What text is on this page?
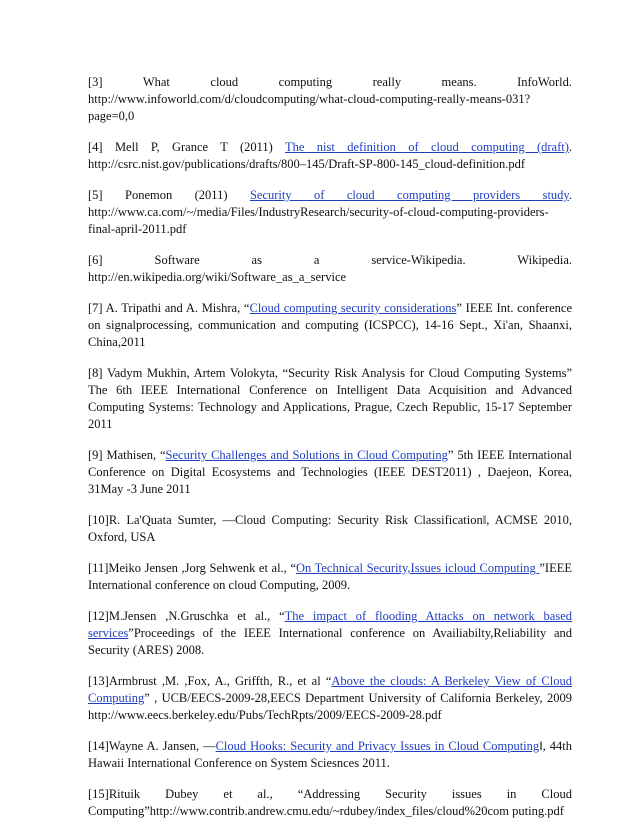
[3] What cloud computing really means. InfoWorld. http://www.infoworld.com/d/cloudcomputing/what-cloud-computing-really-means-031?page=0,0

[4] Mell P, Grance T (2011) The nist definition of cloud computing (draft). http://csrc.nist.gov/publications/drafts/800–145/Draft-SP-800-145_cloud-definition.pdf

[5] Ponemon (2011) Security of cloud computing providers study. http://www.ca.com/~/media/Files/IndustryResearch/security-of-cloud-computing-providers-final-april-2011.pdf

[6] Software as a service-Wikipedia. Wikipedia. http://en.wikipedia.org/wiki/Software_as_a_service

[7] A. Tripathi and A. Mishra, “Cloud computing security considerations” IEEE Int. conference on signalprocessing, communication and computing (ICSPCC), 14-16 Sept., Xi'an, Shaanxi, China,2011

[8] Vadym Mukhin, Artem Volokyta, “Security Risk Analysis for Cloud Computing Systems” The 6th IEEE International Conference on Intelligent Data Acquisition and Advanced Computing Systems: Technology and Applications, Prague, Czech Republic, 15-17 September 2011

[9] Mathisen, “Security Challenges and Solutions in Cloud Computing” 5th IEEE International Conference on Digital Ecosystems and Technologies (IEEE DEST2011) , Daejeon, Korea, 31May -3 June 2011

[10]R. La'Quata Sumter, ―Cloud Computing: Security Risk Classification‖, ACMSE 2010, Oxford, USA

[11]Meiko Jensen ,Jorg Sehwenk et al., “On Technical Security,Issues icloud Computing ”IEEE International conference on cloud Computing, 2009.

[12]M.Jensen ,N.Gruschka et al., “The impact of flooding Attacks on network based services”Proceedings of the IEEE International conference on Availiabilty,Reliability and Security (ARES) 2008.

[13]Armbrust ,M. ,Fox, A., Griffth, R., et al “Above the clouds: A Berkeley View of Cloud Computing” , UCB/EECS-2009-28,EECS Department University of California Berkeley, 2009 http://www.eecs.berkeley.edu/Pubs/TechRpts/2009/EECS-2009-28.pdf

[14]Wayne A. Jansen, ―Cloud Hooks: Security and Privacy Issues in Cloud Computing‖, 44th Hawaii International Conference on System Sciesnces 2011.

[15]Rituik Dubey et al., “Addressing Security issues in Cloud Computing”http://www.contrib.andrew.cmu.edu/~rdubey/index_files/cloud%20com puting.pdf
